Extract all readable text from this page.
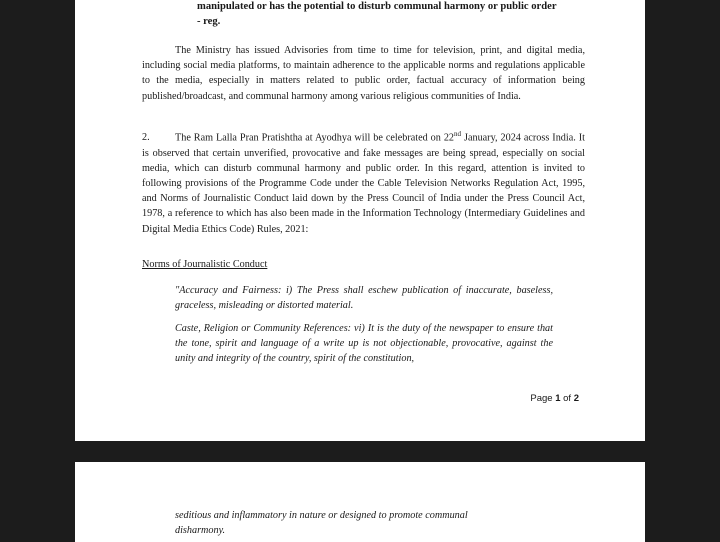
manipulated or has the potential to disturb communal harmony or public order
- reg.

The Ministry has issued Advisories from time to time for television, print, and digital media, including social media platforms, to maintain adherence to the applicable norms and regulations applicable to the media, especially in matters related to public order, factual accuracy of information being published/broadcast, and communal harmony among various religious communities of India.

2. The Ram Lalla Pran Pratishtha at Ayodhya will be celebrated on 22nd January, 2024 across India. It is observed that certain unverified, provocative and fake messages are being spread, especially on social media, which can disturb communal harmony and public order. In this regard, attention is invited to following provisions of the Programme Code under the Cable Television Networks Regulation Act, 1995, and Norms of Journalistic Conduct laid down by the Press Council of India under the Press Council Act, 1978, a reference to which has also been made in the Information Technology (Intermediary Guidelines and Digital Media Ethics Code) Rules, 2021:

Norms of Journalistic Conduct

"Accuracy and Fairness: i) The Press shall eschew publication of inaccurate, baseless, graceless, misleading or distorted material.

Caste, Religion or Community References: vi) It is the duty of the newspaper to ensure that the tone, spirit and language of a write up is not objectionable, provocative, against the unity and integrity of the country, spirit of the constitution,

Page 1 of 2

seditious and inflammatory in nature or designed to promote communal
disharmony.
